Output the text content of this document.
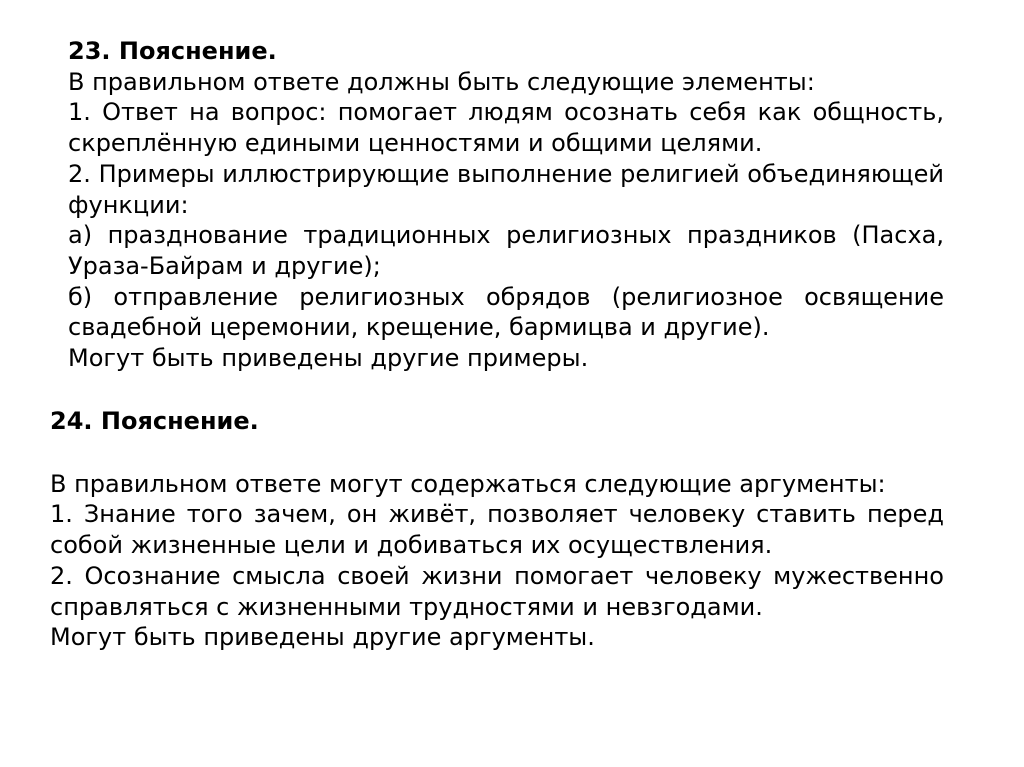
23. Пояснение.

В правильном ответе должны быть следующие элементы:

1. Ответ на вопрос: помогает людям осознать себя как общность, скреплённую едиными ценностями и общими целями.

2. Примеры иллюстрирующие выполнение религией объединяющей функции:

а) празднование традиционных религиозных праздников (Пасха, Ураза-Байрам и другие);

б) отправление религиозных обрядов (религиозное освящение свадебной церемонии, крещение, бармицва и другие).

Могут быть приведены другие примеры.

24. Пояснение.

В правильном ответе могут содержаться следующие аргументы:

1. Знание того зачем, он живёт, позволяет человеку ставить перед собой жизненные цели и добиваться их осуществления.

2. Осознание смысла своей жизни помогает человеку мужественно справляться с жизненными трудностями и невзгодами.

Могут быть приведены другие аргументы.
